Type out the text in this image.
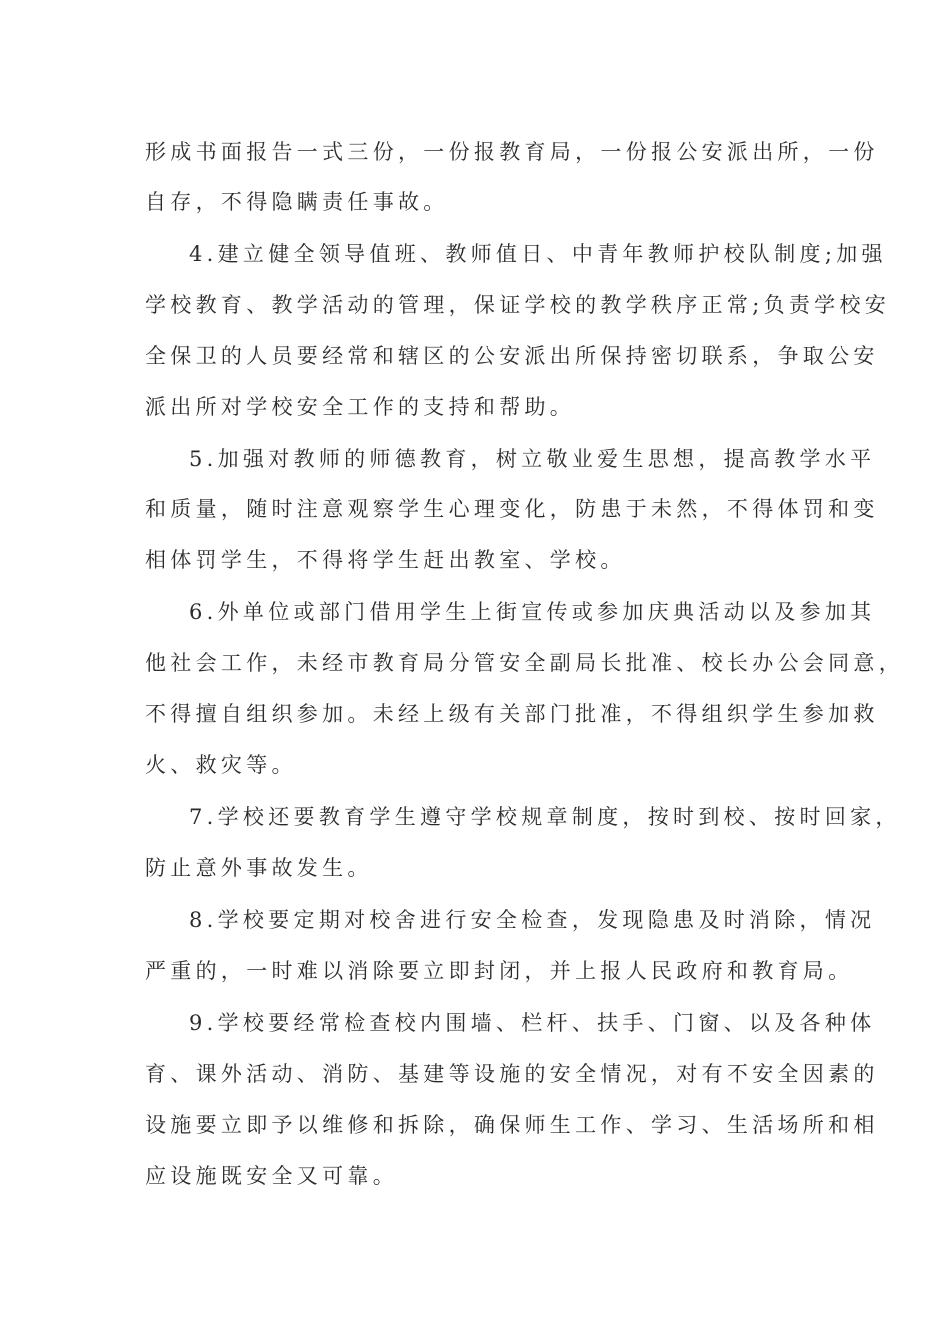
形成书面报告一式三份，一份报教育局，一份报公安派出所，一份
自存，不得隐瞒责任事故。
4.建立健全领导值班、教师值日、中青年教师护校队制度;加强
学校教育、教学活动的管理，保证学校的教学秩序正常;负责学校安
全保卫的人员要经常和辖区的公安派出所保持密切联系，争取公安
派出所对学校安全工作的支持和帮助。
5.加强对教师的师德教育，树立敬业爱生思想，提高教学水平
和质量，随时注意观察学生心理变化，防患于未然，不得体罚和变
相体罚学生，不得将学生赶出教室、学校。
6.外单位或部门借用学生上街宣传或参加庆典活动以及参加其
他社会工作，未经市教育局分管安全副局长批准、校长办公会同意，
不得擅自组织参加。未经上级有关部门批准，不得组织学生参加救
火、救灾等。
7.学校还要教育学生遵守学校规章制度，按时到校、按时回家，
防止意外事故发生。
8.学校要定期对校舍进行安全检查，发现隐患及时消除，情况
严重的，一时难以消除要立即封闭，并上报人民政府和教育局。
9.学校要经常检查校内围墙、栏杆、扶手、门窗、以及各种体
育、课外活动、消防、基建等设施的安全情况，对有不安全因素的
设施要立即予以维修和拆除，确保师生工作、学习、生活场所和相
应设施既安全又可靠。
